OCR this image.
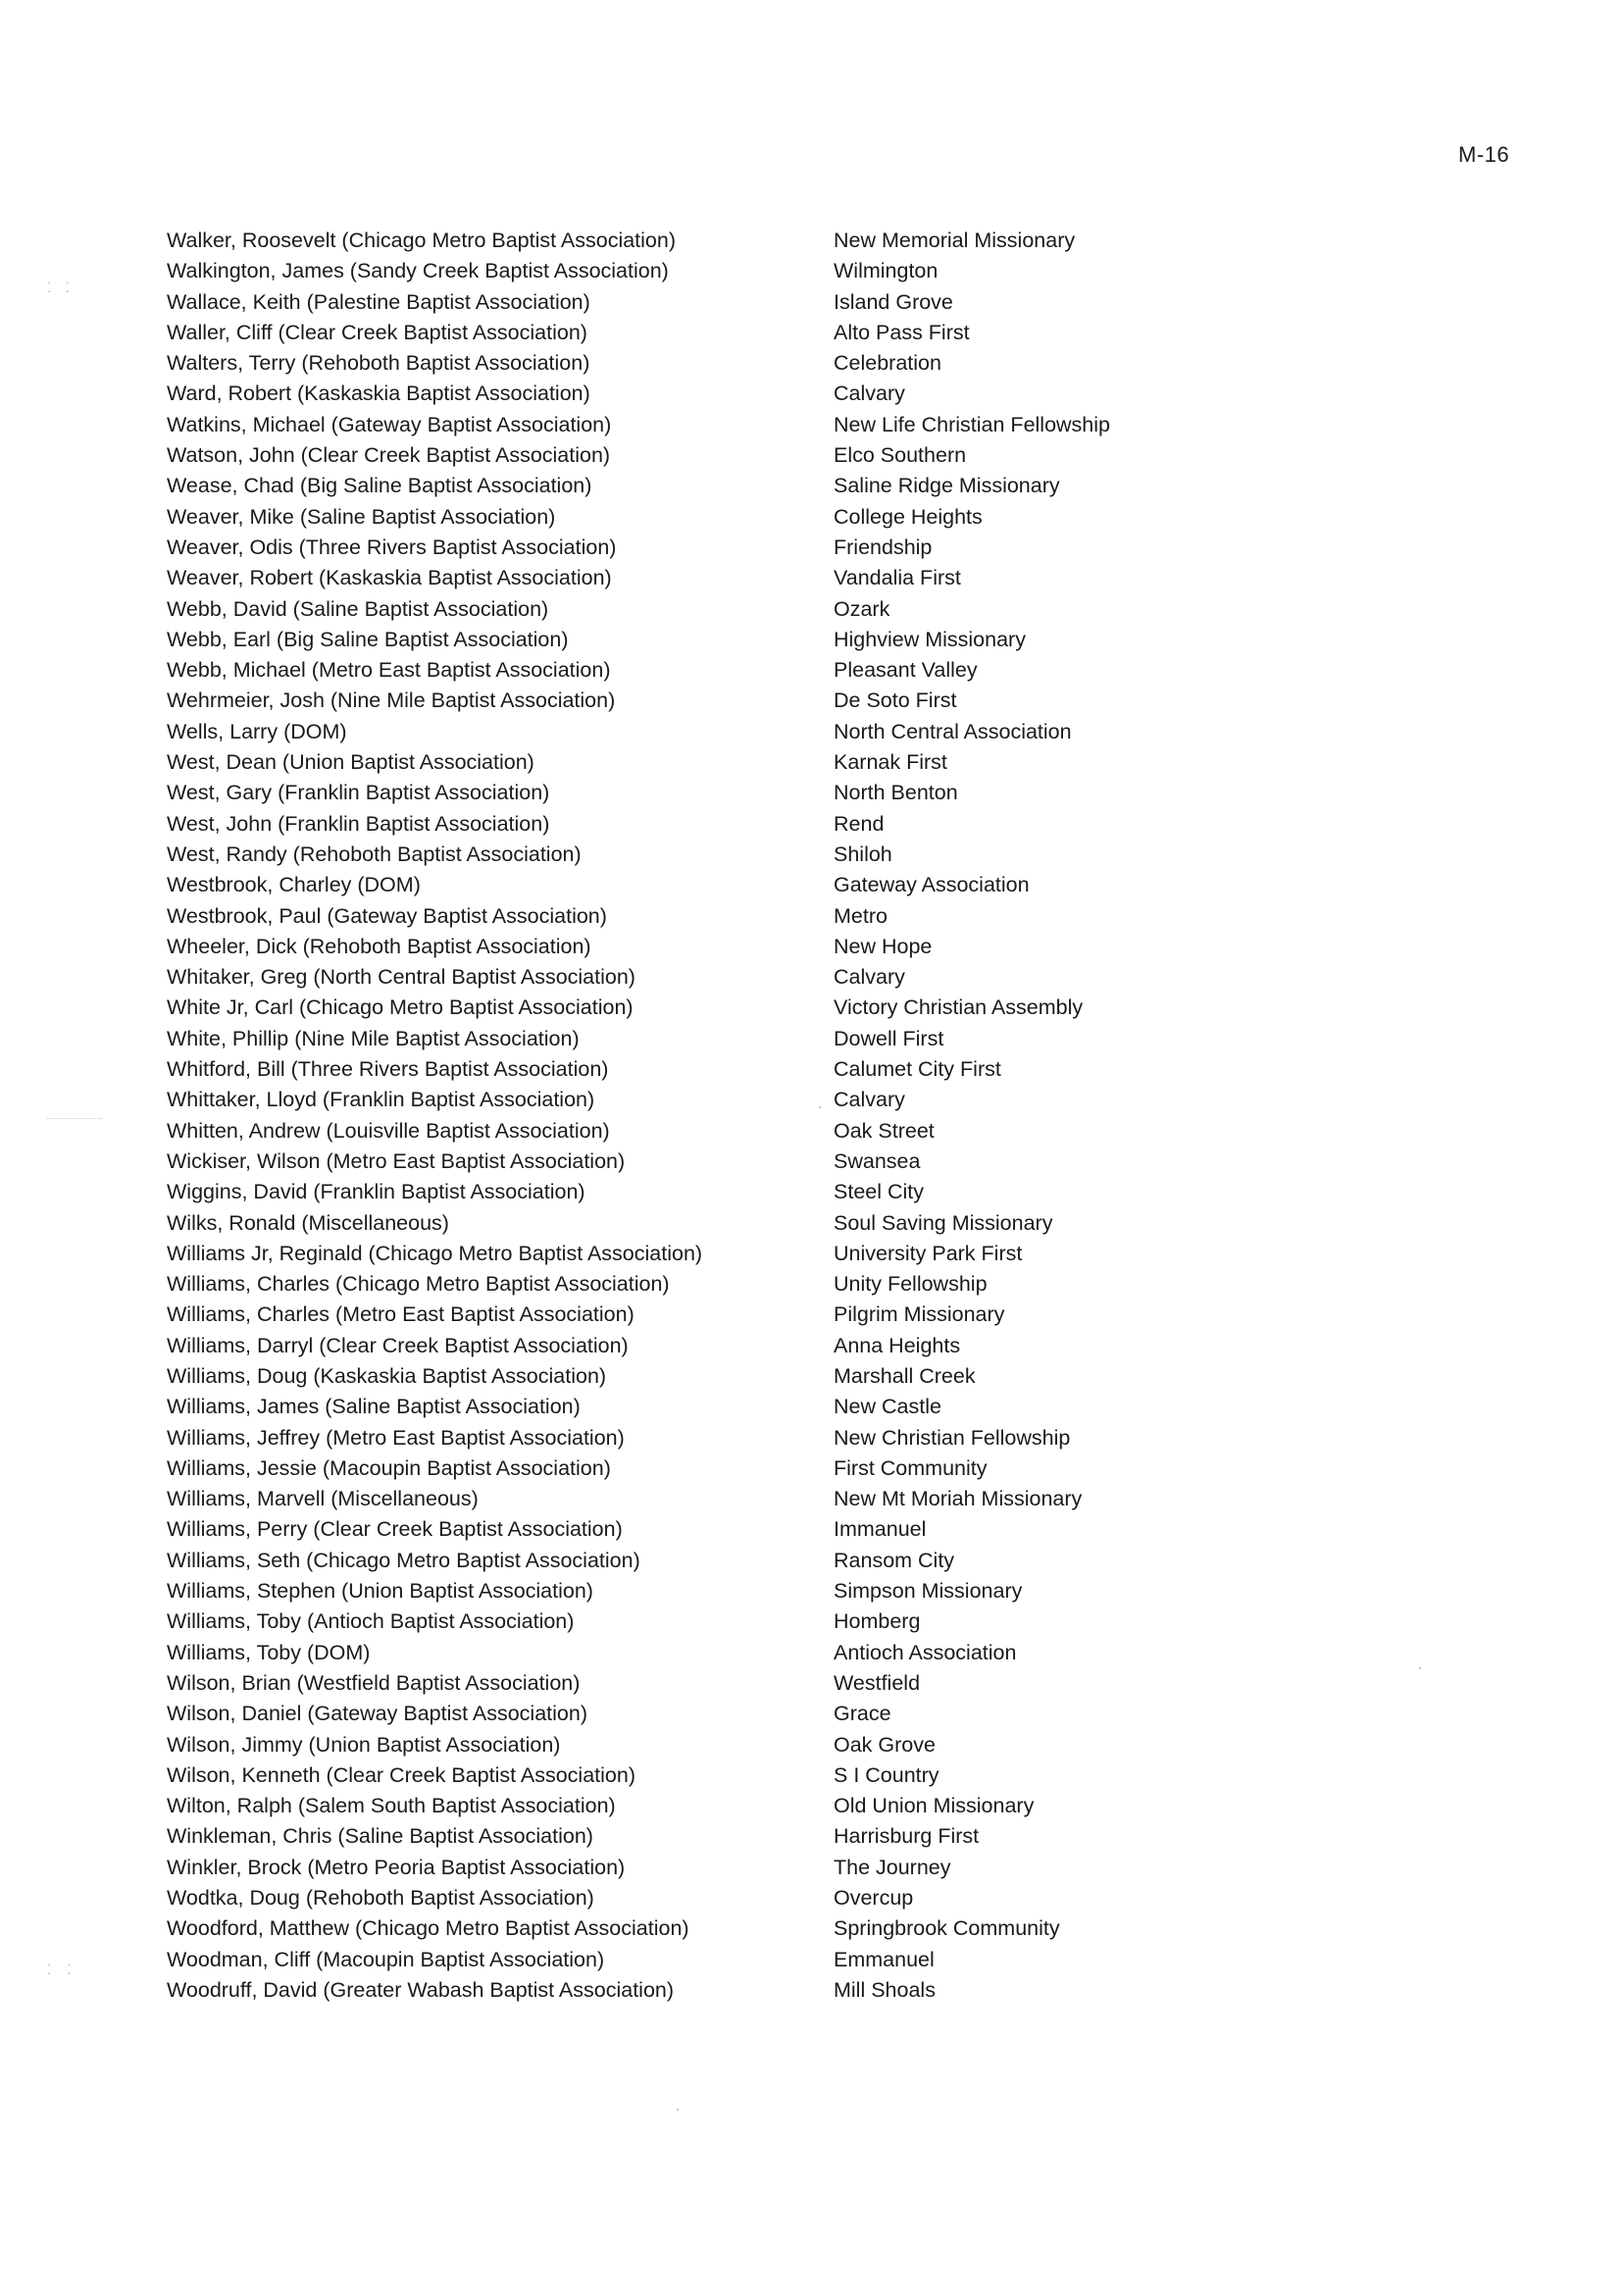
M-16
⁚⁚
⁚ ⁚
Walker, Roosevelt (Chicago Metro Baptist Association)	New Memorial Missionary
Walkington, James (Sandy Creek Baptist Association)	Wilmington
Wallace, Keith (Palestine Baptist Association)	Island Grove
Waller, Cliff (Clear Creek Baptist Association)	Alto Pass First
Walters, Terry (Rehoboth Baptist Association)	Celebration
Ward, Robert (Kaskaskia Baptist Association)	Calvary
Watkins, Michael (Gateway Baptist Association)	New Life Christian Fellowship
Watson, John (Clear Creek Baptist Association)	Elco Southern
Wease, Chad (Big Saline Baptist Association)	Saline Ridge Missionary
Weaver, Mike (Saline Baptist Association)	College Heights
Weaver, Odis (Three Rivers Baptist Association)	Friendship
Weaver, Robert (Kaskaskia Baptist Association)	Vandalia First
Webb, David (Saline Baptist Association)	Ozark
Webb, Earl (Big Saline Baptist Association)	Highview Missionary
Webb, Michael (Metro East Baptist Association)	Pleasant Valley
Wehrmeier, Josh (Nine Mile Baptist Association)	De Soto First
Wells, Larry (DOM)	North Central Association
West, Dean (Union Baptist Association)	Karnak First
West, Gary (Franklin Baptist Association)	North Benton
West, John (Franklin Baptist Association)	Rend
West, Randy (Rehoboth Baptist Association)	Shiloh
Westbrook, Charley (DOM)	Gateway Association
Westbrook, Paul (Gateway Baptist Association)	Metro
Wheeler, Dick (Rehoboth Baptist Association)	New Hope
Whitaker, Greg (North Central Baptist Association)	Calvary
White Jr, Carl (Chicago Metro Baptist Association)	Victory Christian Assembly
White, Phillip (Nine Mile Baptist Association)	Dowell First
Whitford, Bill (Three Rivers Baptist Association)	Calumet City First
Whittaker, Lloyd (Franklin Baptist Association)	Calvary
Whitten, Andrew (Louisville Baptist Association)	Oak Street
Wickiser, Wilson (Metro East Baptist Association)	Swansea
Wiggins, David (Franklin Baptist Association)	Steel City
Wilks, Ronald (Miscellaneous)	Soul Saving Missionary
Williams Jr, Reginald (Chicago Metro Baptist Association)	University Park First
Williams, Charles (Chicago Metro Baptist Association)	Unity Fellowship
Williams, Charles (Metro East Baptist Association)	Pilgrim Missionary
Williams, Darryl (Clear Creek Baptist Association)	Anna Heights
Williams, Doug (Kaskaskia Baptist Association)	Marshall Creek
Williams, James (Saline Baptist Association)	New Castle
Williams, Jeffrey (Metro East Baptist Association)	New Christian Fellowship
Williams, Jessie (Macoupin Baptist Association)	First Community
Williams, Marvell (Miscellaneous)	New Mt Moriah Missionary
Williams, Perry (Clear Creek Baptist Association)	Immanuel
Williams, Seth (Chicago Metro Baptist Association)	Ransom City
Williams, Stephen (Union Baptist Association)	Simpson Missionary
Williams, Toby (Antioch Baptist Association)	Homberg
Williams, Toby (DOM)	Antioch Association
Wilson, Brian (Westfield Baptist Association)	Westfield
Wilson, Daniel (Gateway Baptist Association)	Grace
Wilson, Jimmy (Union Baptist Association)	Oak Grove
Wilson, Kenneth (Clear Creek Baptist Association)	S I Country
Wilton, Ralph (Salem South Baptist Association)	Old Union Missionary
Winkleman, Chris (Saline Baptist Association)	Harrisburg First
Winkler, Brock (Metro Peoria Baptist Association)	The Journey
Wodtka, Doug (Rehoboth Baptist Association)	Overcup
Woodford, Matthew (Chicago Metro Baptist Association)	Springbrook Community
Woodman, Cliff (Macoupin Baptist Association)	Emmanuel
Woodruff, David (Greater Wabash Baptist Association)	Mill Shoals
